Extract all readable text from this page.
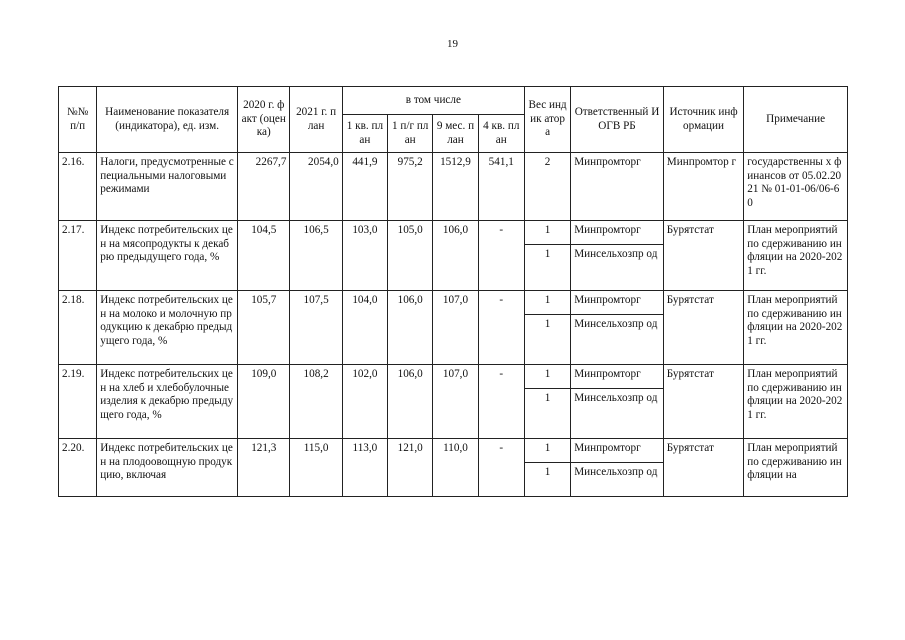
19
№№ п/п	Наименование показателя (индикатора), ед. изм.	2020 г. факт (оценка)	2021 г. план	в том числе				Вес индик атора	Ответственный ИОГВ РБ	Источник информации	Примечание
				1 кв. план	1 п/г план	9 мес. план	4 кв. план				
2.16.	Налоги, предусмотренные специальными налоговыми режимами	2267,7	2054,0	441,9	975,2	1512,9	541,1	2	Минпромторг	Минпромтор г	государственны х финансов от 05.02.2021 № 01-01-06/06-60
2.17.	Индекс потребительских цен на мясопродукты к декабрю предыдущего года, %	104,5	106,5	103,0	105,0	106,0	-	1	Минпромторг	Бурятстат	План мероприятий по сдерживанию инфляции на 2020-2021 гг.
								1	Минсельхозпр од		
2.18.	Индекс потребительских цен на молоко и молочную продукцию к декабрю предыдущего года, %	105,7	107,5	104,0	106,0	107,0	-	1	Минпромторг	Бурятстат	План мероприятий по сдерживанию инфляции на 2020-2021 гг.
								1	Минсельхозпр од		
2.19.	Индекс потребительских цен на хлеб и хлебобулочные изделия к декабрю предыдущего года, %	109,0	108,2	102,0	106,0	107,0	-	1	Минпромторг	Бурятстат	План мероприятий по сдерживанию инфляции на 2020-2021 гг.
								1	Минсельхозпр од		
2.20.	Индекс потребительских цен на плодоовощную продукцию, включая	121,3	115,0	113,0	121,0	110,0	-	1	Минпромторг	Бурятстат	План мероприятий по сдерживанию инфляции на
								1	Минсельхозпр од		
